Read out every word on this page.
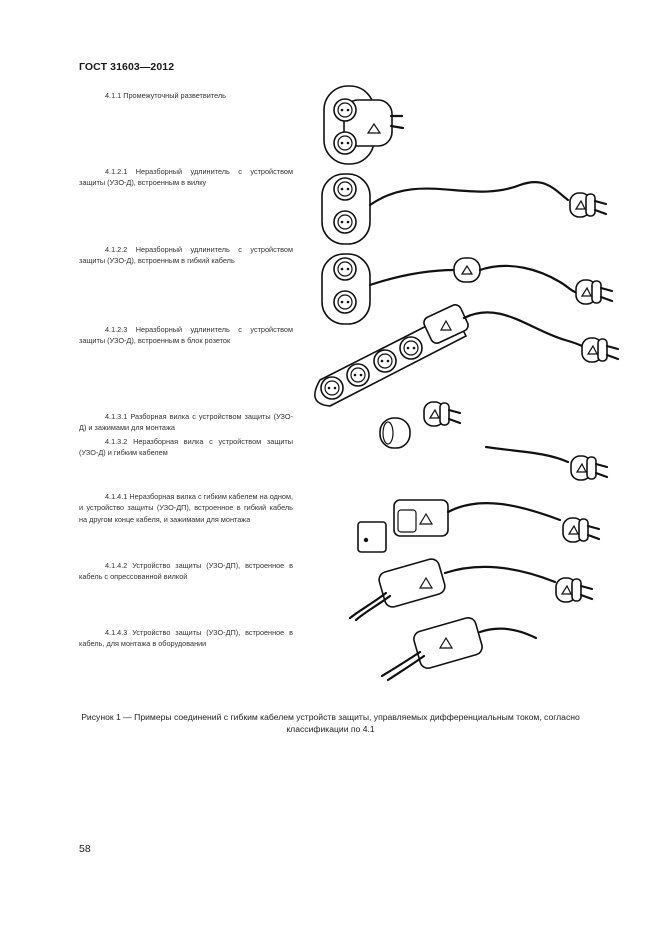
ГОСТ 31603—2012

4.1.1 Промежуточный разветвитель

4.1.2.1 Неразборный удлинитель с устройством защиты (УЗО-Д), встроенным в вилку

4.1.2.2 Неразборный удлинитель с устройством защиты (УЗО-Д), встроенным в гибкий кабель

4.1.2.3 Неразборный удлинитель с устройством защиты (УЗО-Д), встроенным в блок розеток

4.1.3.1 Разборная вилка с устройством защиты (УЗО-Д) и зажимами для монтажа

4.1.3.2 Неразборная вилка с устройством защиты (УЗО-Д) и гибким кабелем

4.1.4.1 Неразборная вилка с гибким кабелем на одном, и устройство защиты (УЗО-ДП), встроенное в гибкий кабель на другом конце кабеля, и зажимами для монтажа

4.1.4.2 Устройство защиты (УЗО-ДП), встроенное в кабель с опрессованной вилкой

4.1.4.3 Устройство защиты (УЗО-ДП), встроенное в кабель, для монтажа в оборудовании

Рисунок 1 — Примеры соединений с гибким кабелем устройств защиты, управляемых дифференциальным током, согласно классификации по 4.1
58
